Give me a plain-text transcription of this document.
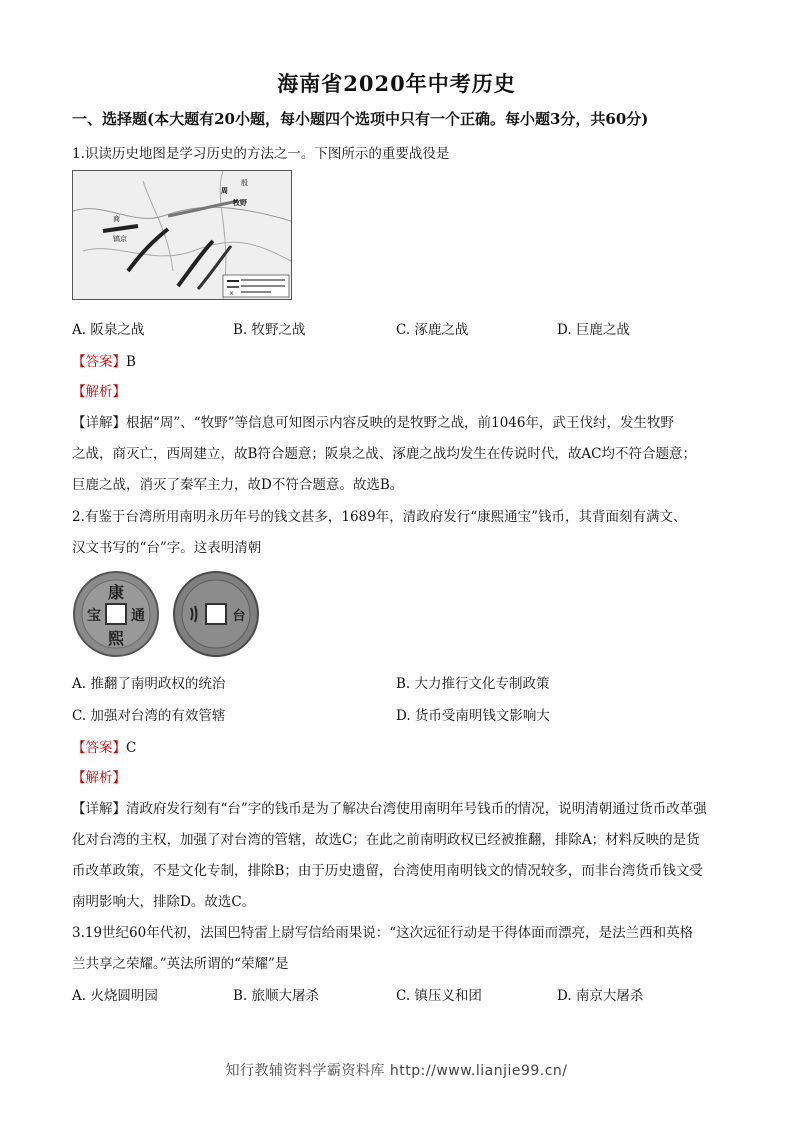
海南省2020年中考历史
一、选择题(本大题有20小题，每小题四个选项中只有一个正确。每小题3分，共60分)
1.识读历史地图是学习历史的方法之一。下图所示的重要战役是
×
周
殷
牧野
商
镐京
A. 阪泉之战	B. 牧野之战	C. 涿鹿之战	D. 巨鹿之战
【答案】B
【解析】
【详解】根据“周”、“牧野”等信息可知图示内容反映的是牧野之战，前1046年，武王伐纣，发生牧野
之战，商灭亡，西周建立，故B符合题意；阪泉之战、涿鹿之战均发生在传说时代，故AC均不符合题意；
巨鹿之战，消灭了秦军主力，故D不符合题意。故选B。
2.有鉴于台湾所用南明永历年号的钱文甚多，1689年，清政府发行“康熙通宝”钱币，其背面刻有满文、
汉文书写的“台”字。这表明清朝
康
熙
通
宝	台
A. 推翻了南明政权的统治	B. 大力推行文化专制政策
C. 加强对台湾的有效管辖	D. 货币受南明钱文影响大
【答案】C
【解析】
【详解】清政府发行刻有“台”字的钱币是为了解决台湾使用南明年号钱币的情况，说明清朝通过货币改革强
化对台湾的主权，加强了对台湾的管辖，故选C；在此之前南明政权已经被推翻，排除A；材料反映的是货
币改革政策，不是文化专制，排除B；由于历史遗留，台湾使用南明钱文的情况较多，而非台湾货币钱文受
南明影响大，排除D。故选C。
3.19世纪60年代初，法国巴特雷上尉写信给雨果说：“这次远征行动是干得体面而漂亮，是法兰西和英格
兰共享之荣耀。”英法所谓的“荣耀”是
A. 火烧圆明园	B. 旅顺大屠杀	C. 镇压义和团	D. 南京大屠杀
知行教辅资料学霸资料库 http://www.lianjie99.cn/
